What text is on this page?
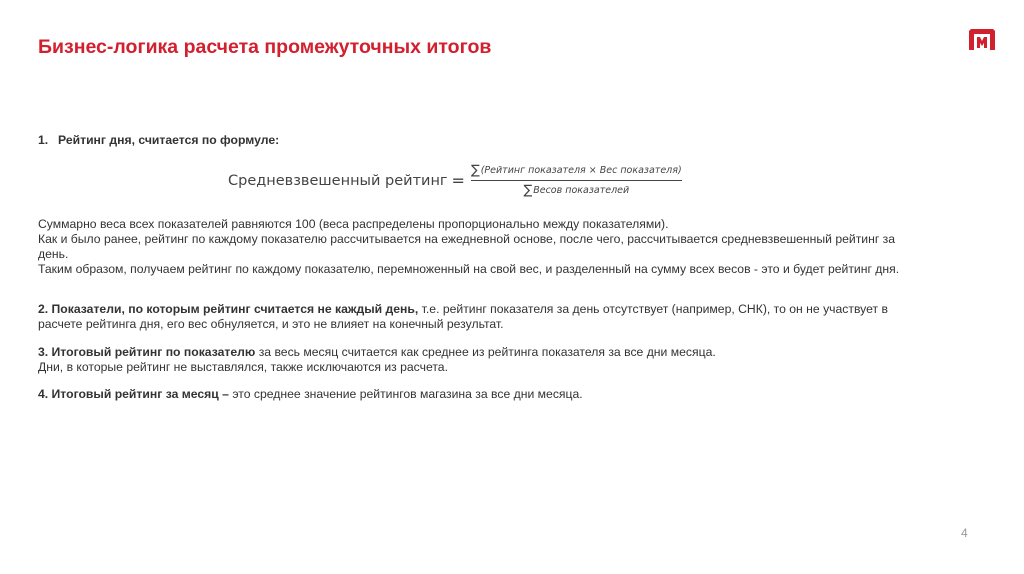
Бизнес-логика расчета промежуточных итогов
1. Рейтинг дня, считается по формуле:
Средневзвешенный рейтинг = $\frac{\text{∑ (Рейтинг показателя × Вес показателя)}}{\text{∑ Весов показателей}}$

Суммарно веса всех показателей равняются 100 (веса распределены пропорционально между показателями).

Как и было ранее, рейтинг по каждому показателю рассчитывается на ежедневной основе, после чего, рассчитывается средневзвешенный рейтинг за день.

Таким образом, получаем рейтинг по каждому показателю, перемноженный на свой вес, и разделенный на сумму всех весов - это и будет рейтинг дня.

2. Показатели, по которым рейтинг считается не каждый день, т.е. рейтинг показателя за день отсутствует (например, СНК), то он не участвует в расчете рейтинга дня, его вес обнуляется, и это не влияет на конечный результат.

3. Итоговый рейтинг по показателю за весь месяц считается как среднее из рейтинга показателя за все дни месяца.

Дни, в которые рейтинг не выставлялся, также исключаются из расчета.

4. Итоговый рейтинг за месяц – это среднее значение рейтингов магазина за все дни месяца.

4
